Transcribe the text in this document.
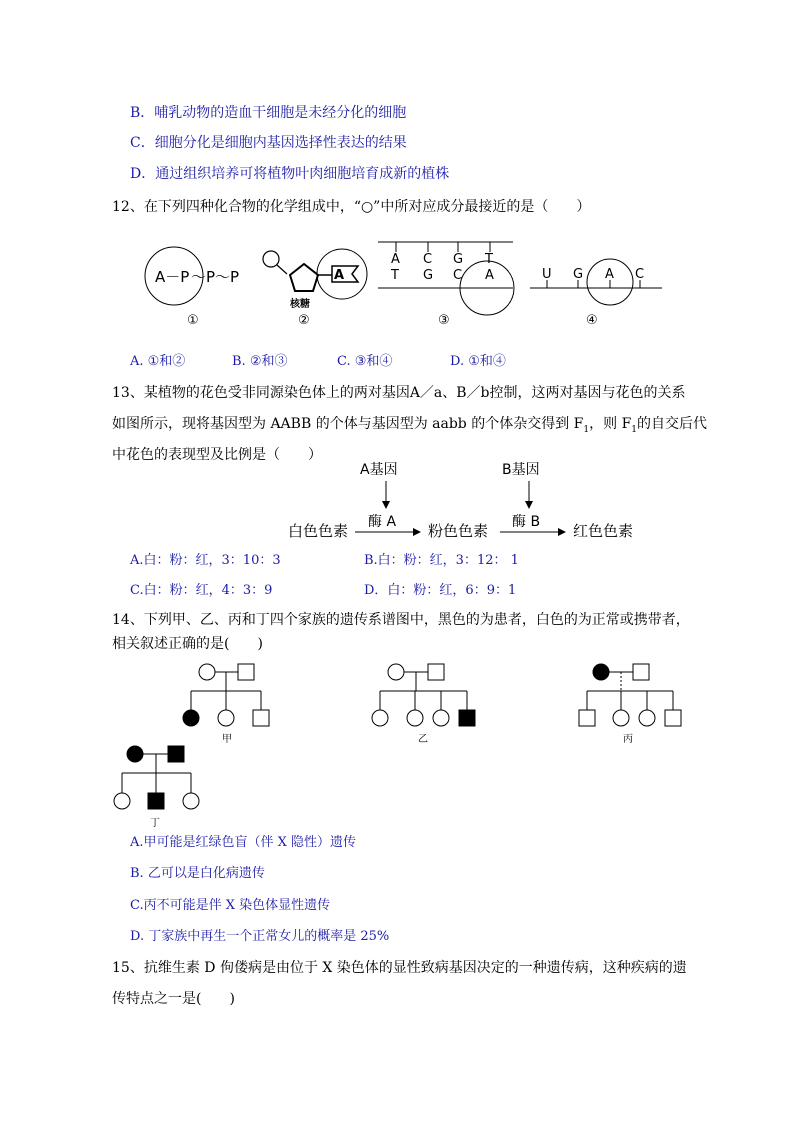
B．哺乳动物的造血干细胞是未经分化的细胞
C．细胞分化是细胞内基因选择性表达的结果
D．通过组织培养可将植物叶肉细胞培育成新的植株
12、在下列四种化合物的化学组成中，“○”中所对应成分最接近的是（　　）
A－P ～P～P	A
核糖
A C G T
T G C A	U G A C
①	②	③	④
A. ①和②	B. ②和③	C. ③和④	D. ①和④
13、某植物的花色受非同源染色体上的两对基因A／a、B／b控制，这两对基因与花色的关系
如图所示，现将基因型为 AABB 的个体与基因型为 aabb 的个体杂交得到 $F_1$，则 $F_1$的自交后代
中花色的表现型及比例是（　　）
A基因	B基因
白色色素 酶 A 粉色色素 酶 B 红色色素
A.白：粉：红，3：10：3	B.白：粉：红，3：12： 1
C.白：粉：红，4：3：9	D．白：粉：红，6：9：1
14、下列甲、乙、丙和丁四个家族的遗传系谱图中，黑色的为患者，白色的为正常或携带者，
相关叙述正确的是(　　)
甲	乙	丙
丁
A.甲可能是红绿色盲（伴 X 隐性）遗传
B. 乙可以是白化病遗传
C.丙不可能是伴 X 染色体显性遗传
D. 丁家族中再生一个正常女儿的概率是 25%
15、抗维生素 D 佝偻病是由位于 X 染色体的显性致病基因决定的一种遗传病，这种疾病的遗
传特点之一是(　　)
